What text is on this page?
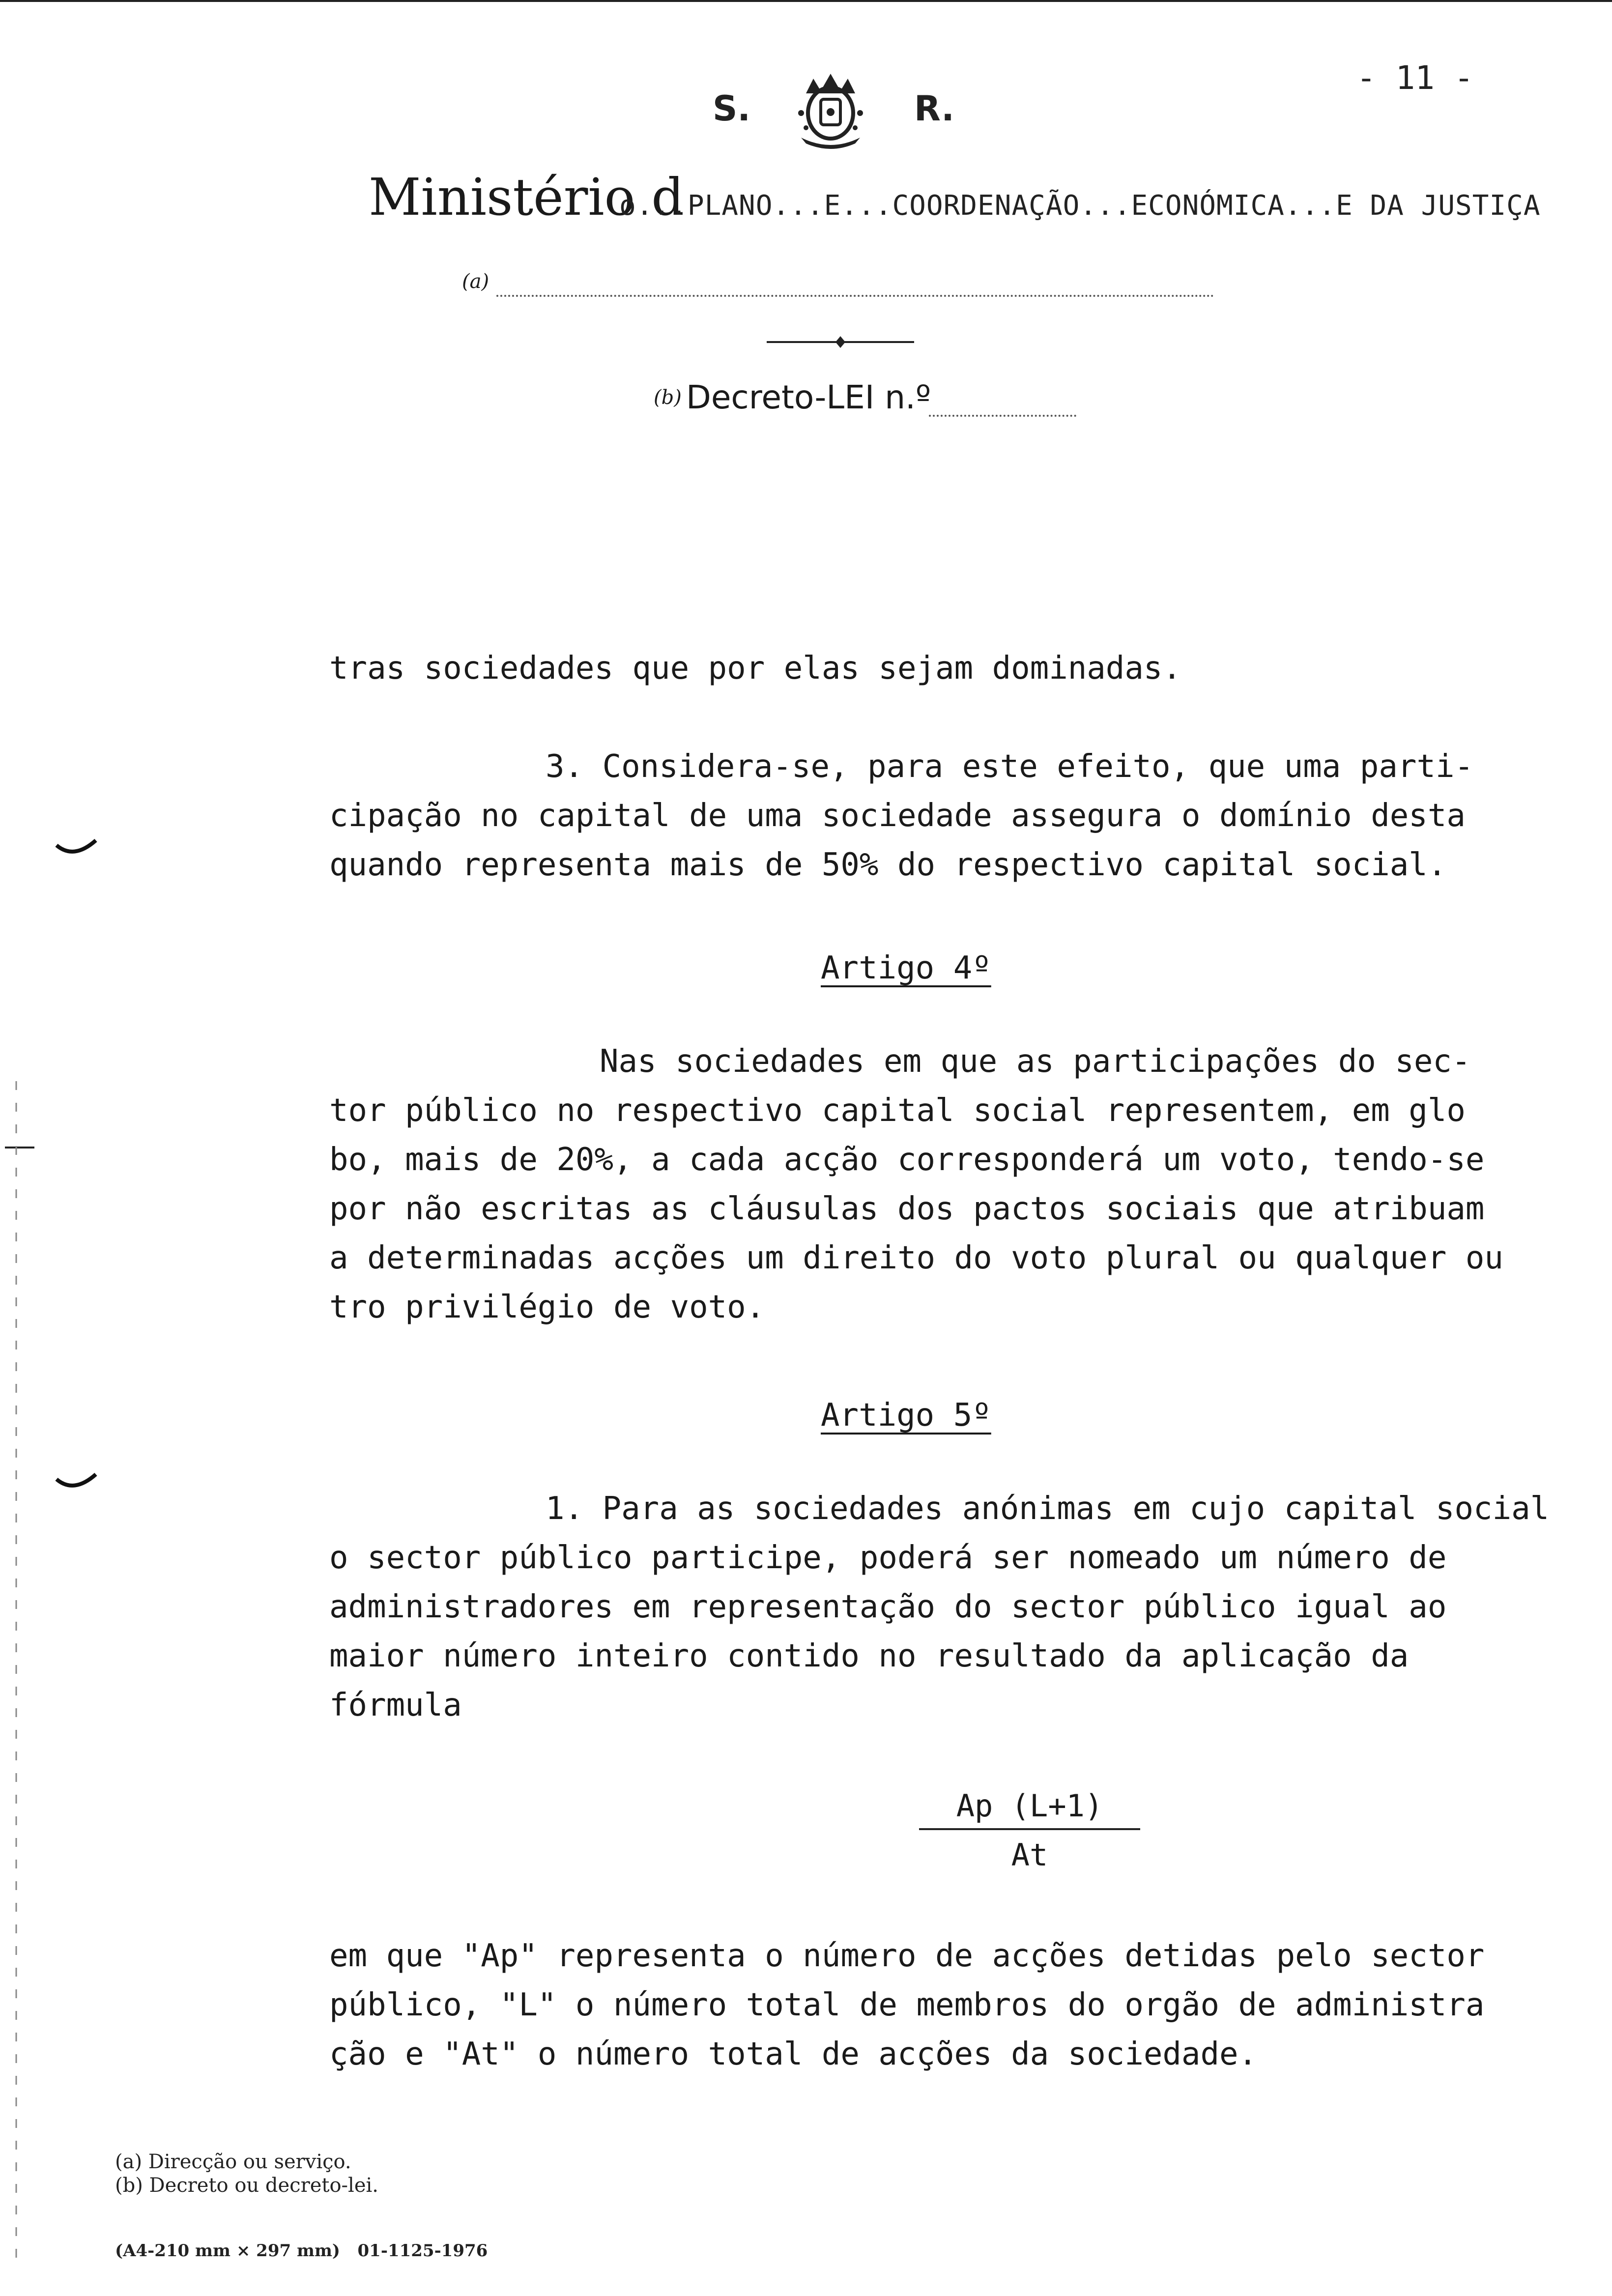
S.	R.
- 11 -
Ministério d
o...PLANO...E...COORDENAÇÃO...ECONÓMICA...E DA JUSTIÇA
(a)
(b) Decreto-LEI n.º
tras sociedades que por elas sejam dominadas.
3. Considera-se, para este efeito, que uma parti-
cipação no capital de uma sociedade assegura o domínio desta
quando representa mais de 50% do respectivo capital social.
Artigo 4º
Nas sociedades em que as participações do sec-
tor público no respectivo capital social representem, em glo
bo, mais de 20%, a cada acção corresponderá um voto, tendo-se
por não escritas as cláusulas dos pactos sociais que atribuam
a determinadas acções um direito do voto plural ou qualquer ou
tro privilégio de voto.
Artigo 5º
1. Para as sociedades anónimas em cujo capital social
o sector público participe, poderá ser nomeado um número de
administradores em representação do sector público igual ao
maior número inteiro contido no resultado da aplicação da
fórmula
Ap (L+1)
At
em que "Ap" representa o número de acções detidas pelo sector
público, "L" o número total de membros do orgão de administra
ção e "At" o número total de acções da sociedade.
(a) Direcção ou serviço.
(b) Decreto ou decreto-lei.
(A4-210 mm × 297 mm)   01-1125-1976
